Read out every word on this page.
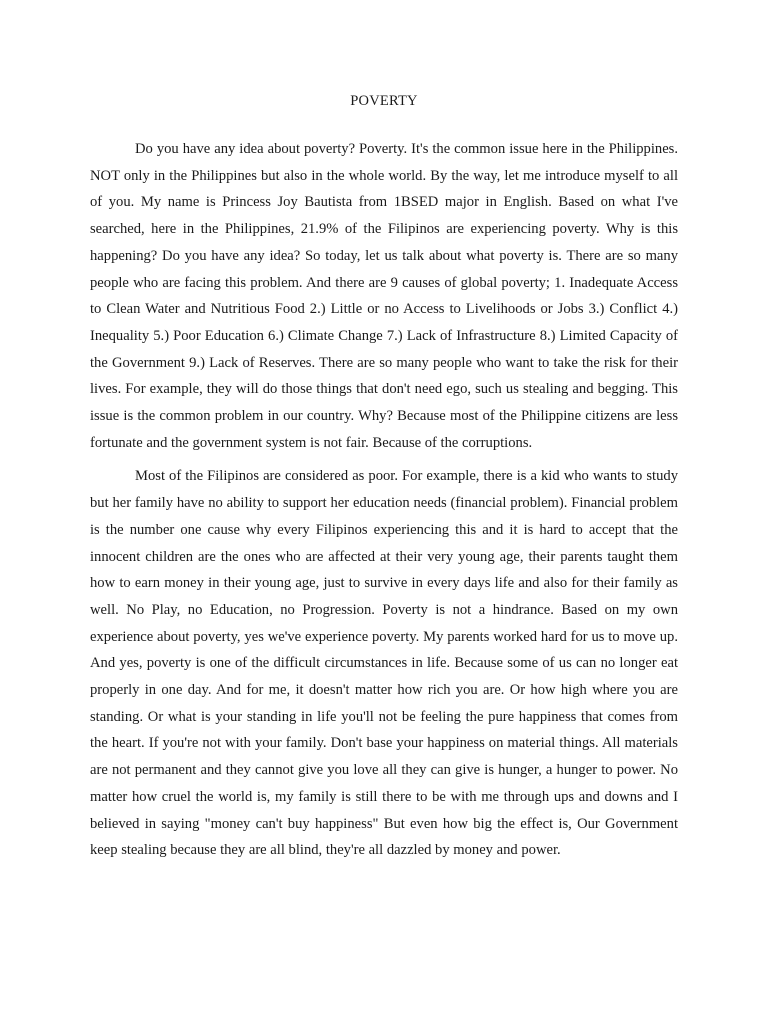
POVERTY

Do you have any idea about poverty? Poverty. It's the common issue here in the Philippines. NOT only in the Philippines but also in the whole world. By the way, let me introduce myself to all of you. My name is Princess Joy Bautista from 1BSED major in English. Based on what I've searched, here in the Philippines, 21.9% of the Filipinos are experiencing poverty. Why is this happening? Do you have any idea? So today, let us talk about what poverty is. There are so many people who are facing this problem. And there are 9 causes of global poverty; 1. Inadequate Access to Clean Water and Nutritious Food 2.) Little or no Access to Livelihoods or Jobs 3.) Conflict 4.) Inequality 5.) Poor Education 6.) Climate Change 7.) Lack of Infrastructure 8.) Limited Capacity of the Government 9.) Lack of Reserves. There are so many people who want to take the risk for their lives. For example, they will do those things that don't need ego, such us stealing and begging. This issue is the common problem in our country. Why? Because most of the Philippine citizens are less fortunate and the government system is not fair. Because of the corruptions.

Most of the Filipinos are considered as poor. For example, there is a kid who wants to study but her family have no ability to support her education needs (financial problem). Financial problem is the number one cause why every Filipinos experiencing this and it is hard to accept that the innocent children are the ones who are affected at their very young age, their parents taught them how to earn money in their young age, just to survive in every days life and also for their family as well. No Play, no Education, no Progression. Poverty is not a hindrance. Based on my own experience about poverty, yes we've experience poverty. My parents worked hard for us to move up. And yes, poverty is one of the difficult circumstances in life. Because some of us can no longer eat properly in one day. And for me, it doesn't matter how rich you are. Or how high where you are standing. Or what is your standing in life you'll not be feeling the pure happiness that comes from the heart. If you're not with your family. Don't base your happiness on material things. All materials are not permanent and they cannot give you love all they can give is hunger, a hunger to power. No matter how cruel the world is, my family is still there to be with me through ups and downs and I believed in saying "money can't buy happiness" But even how big the effect is, Our Government keep stealing because they are all blind, they're all dazzled by money and power.
